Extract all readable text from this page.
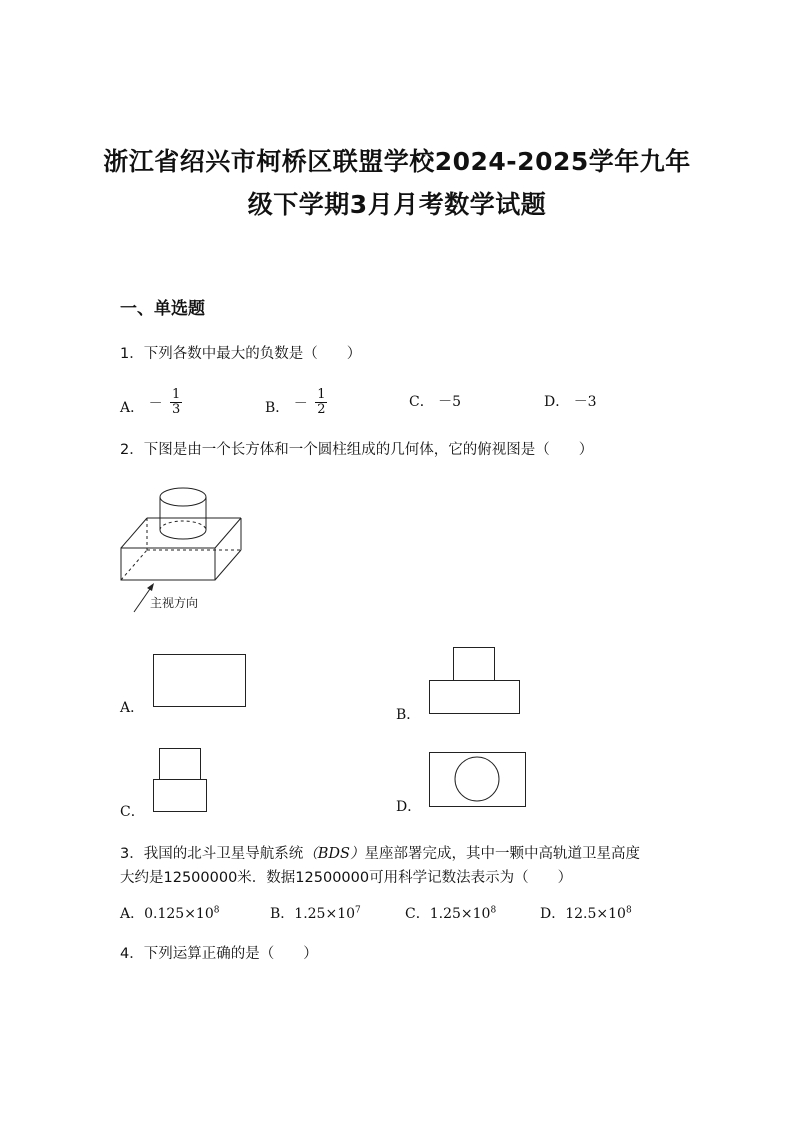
浙江省绍兴市柯桥区联盟学校2024-2025学年九年
级下学期3月月考数学试题
一、单选题
1．下列各数中最大的负数是（　　）
A． － $\frac{1}{3}$	B． － $\frac{1}{2}$	C． －5	D． －3
2．下图是由一个长方体和一个圆柱组成的几何体，它的俯视图是（　　）
主视方向
A．	B．
C．	D．
3．我国的北斗卫星导航系统（BDS）星座部署完成，其中一颗中高轨道卫星高度
大约是12500000米．数据12500000可用科学记数法表示为（　　）
A．$0.125\times 10^8$	B．$1.25\times 10^7$	C．$1.25\times 10^8$	D．$12.5\times 10^8$
4．下列运算正确的是（　　）
